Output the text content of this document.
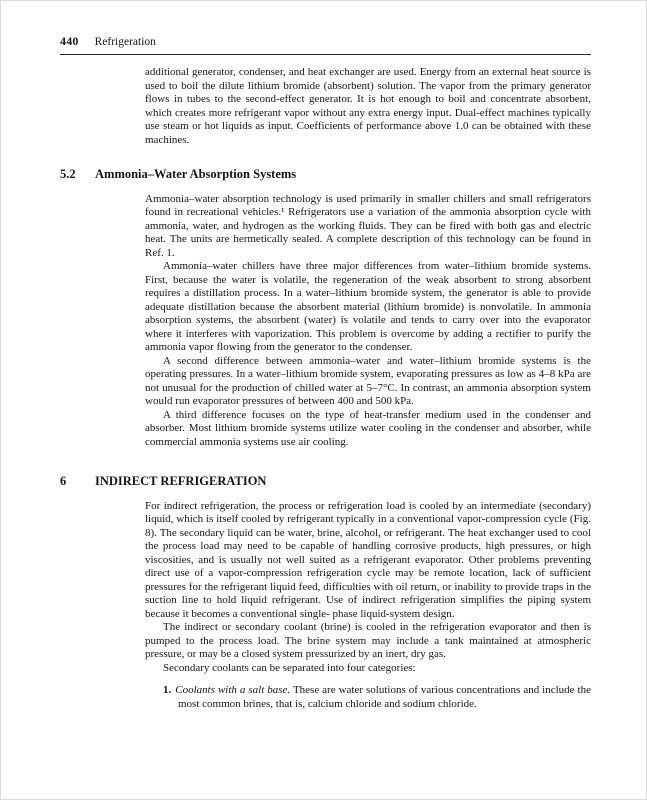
440 Refrigeration

additional generator, condenser, and heat exchanger are used. Energy from an external heat source is used to boil the dilute lithium bromide (absorbent) solution. The vapor from the primary generator flows in tubes to the second-effect generator. It is hot enough to boil and concentrate absorbent, which creates more refrigerant vapor without any extra energy input. Dual-effect machines typically use steam or hot liquids as input. Coefficients of performance above 1.0 can be obtained with these machines.

5.2	Ammonia–Water Absorption Systems

Ammonia–water absorption technology is used primarily in smaller chillers and small refrigerators found in recreational vehicles.¹ Refrigerators use a variation of the ammonia absorption cycle with ammonia, water, and hydrogen as the working fluids. They can be fired with both gas and electric heat. The units are hermetically sealed. A complete description of this technology can be found in Ref. 1.

Ammonia–water chillers have three major differences from water–lithium bromide systems. First, because the water is volatile, the regeneration of the weak absorbent to strong absorbent requires a distillation process. In a water–lithium bromide system, the generator is able to provide adequate distillation because the absorbent material (lithium bromide) is nonvolatile. In ammonia absorption systems, the absorbent (water) is volatile and tends to carry over into the evaporator where it interferes with vaporization. This problem is overcome by adding a rectifier to purify the ammonia vapor flowing from the generator to the condenser.

A second difference between ammonia–water and water–lithium bromide systems is the operating pressures. In a water–lithium bromide system, evaporating pressures as low as 4–8 kPa are not unusual for the production of chilled water at 5–7°C. In contrast, an ammonia absorption system would run evaporator pressures of between 400 and 500 kPa.

A third difference focuses on the type of heat-transfer medium used in the condenser and absorber. Most lithium bromide systems utilize water cooling in the condenser and absorber, while commercial ammonia systems use air cooling.

6	INDIRECT REFRIGERATION

For indirect refrigeration, the process or refrigeration load is cooled by an intermediate (secondary) liquid, which is itself cooled by refrigerant typically in a conventional vapor-compression cycle (Fig. 8). The secondary liquid can be water, brine, alcohol, or refrigerant. The heat exchanger used to cool the process load may need to be capable of handling corrosive products, high pressures, or high viscosities, and is usually not well suited as a refrigerant evaporator. Other problems preventing direct use of a vapor-compression refrigeration cycle may be remote location, lack of sufficient pressures for the refrigerant liquid feed, difficulties with oil return, or inability to provide traps in the suction line to hold liquid refrigerant. Use of indirect refrigeration simplifies the piping system because it becomes a conventional single- phase liquid-system design.

The indirect or secondary coolant (brine) is cooled in the refrigeration evaporator and then is pumped to the process load. The brine system may include a tank maintained at atmospheric pressure, or may be a closed system pressurized by an inert, dry gas.

Secondary coolants can be separated into four categories:

1. Coolants with a salt base. These are water solutions of various concentrations and include the most common brines, that is, calcium chloride and sodium chloride.
